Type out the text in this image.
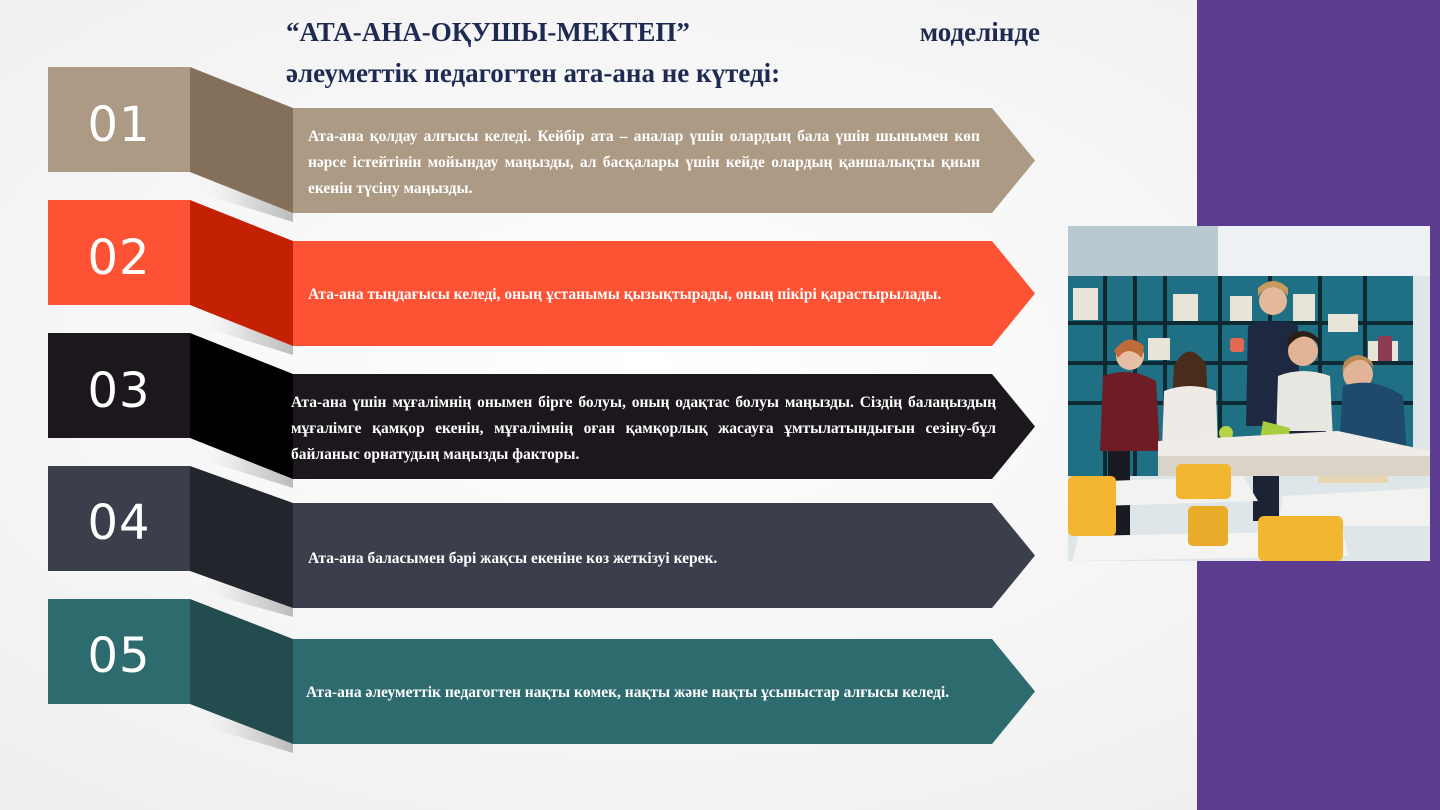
“АТА-АНА-ОҚУШЫ-МЕКТЕП”	моделінде
әлеуметтік педагогтен ата-ана не күтеді:
01
02
03
04
05
Ата-ана қолдау алғысы келеді. Кейбір ата – аналар үшін олардың бала үшін шынымен көп нәрсе істейтінін мойындау маңызды, ал басқалары үшін кейде олардың қаншалықты қиын екенін түсіну маңызды.
Ата-ана тыңдағысы келеді, оның ұстанымы қызықтырады, оның пікірі қарастырылады.
Ата-ана үшін мұғалімнің онымен бірге болуы, оның одақтас болуы маңызды. Сіздің балаңыздың мұғалімге қамқор екенін, мұғалімнің оған қамқорлық жасауға ұмтылатындығын сезіну-бұл байланыс орнатудың маңызды факторы.
Ата-ана баласымен бәрі жақсы екеніне көз жеткізуі керек.
Ата-ана әлеуметтік педагогтен нақты көмек, нақты және нақты ұсыныстар алғысы келеді.
